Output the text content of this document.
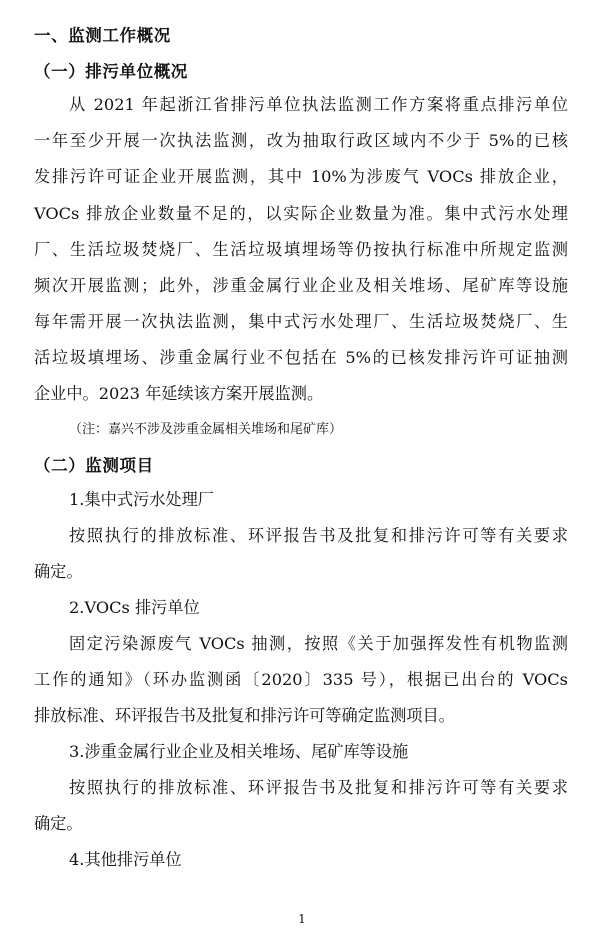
一、监测工作概况
（一）排污单位概况
从 2021 年起浙江省排污单位执法监测工作方案将重点排污单位
一年至少开展一次执法监测，改为抽取行政区域内不少于 5%的已核
发排污许可证企业开展监测，其中 10%为涉废气 VOCs 排放企业，
VOCs 排放企业数量不足的，以实际企业数量为准。集中式污水处理
厂、生活垃圾焚烧厂、生活垃圾填埋场等仍按执行标准中所规定监测
频次开展监测；此外，涉重金属行业企业及相关堆场、尾矿库等设施
每年需开展一次执法监测，集中式污水处理厂、生活垃圾焚烧厂、生
活垃圾填埋场、涉重金属行业不包括在 5%的已核发排污许可证抽测
企业中。2023 年延续该方案开展监测。
（注：嘉兴不涉及涉重金属相关堆场和尾矿库）
（二）监测项目
1.集中式污水处理厂
按照执行的排放标准、环评报告书及批复和排污许可等有关要求
确定。
2.VOCs 排污单位
固定污染源废气 VOCs 抽测，按照《关于加强挥发性有机物监测
工作的通知》（环办监测函〔2020〕335 号），根据已出台的 VOCs
排放标准、环评报告书及批复和排污许可等确定监测项目。
3.涉重金属行业企业及相关堆场、尾矿库等设施
按照执行的排放标准、环评报告书及批复和排污许可等有关要求
确定。
4.其他排污单位
1
